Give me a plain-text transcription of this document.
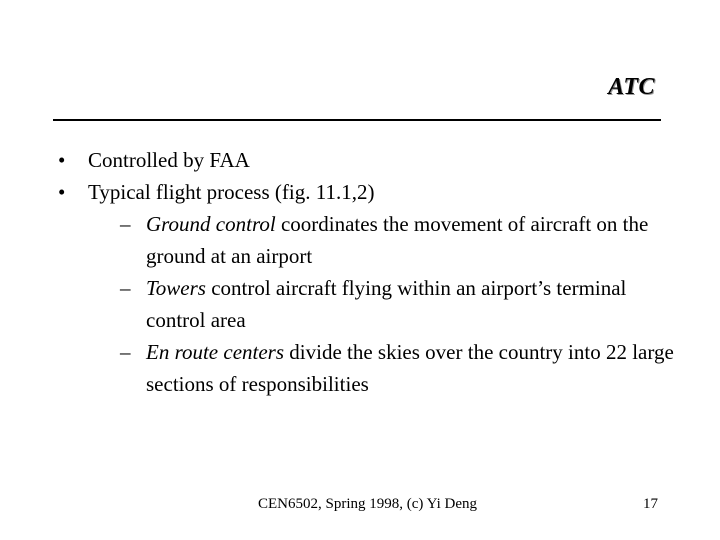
ATC
• Controlled by FAA
• Typical flight process (fig. 11.1,2)
– Ground control coordinates the movement of aircraft on the ground at an airport
– Towers control aircraft flying within an airport’s terminal control area
– En route centers divide the skies over the country into 22 large sections of responsibilities
CEN6502, Spring 1998, (c) Yi Deng	17
